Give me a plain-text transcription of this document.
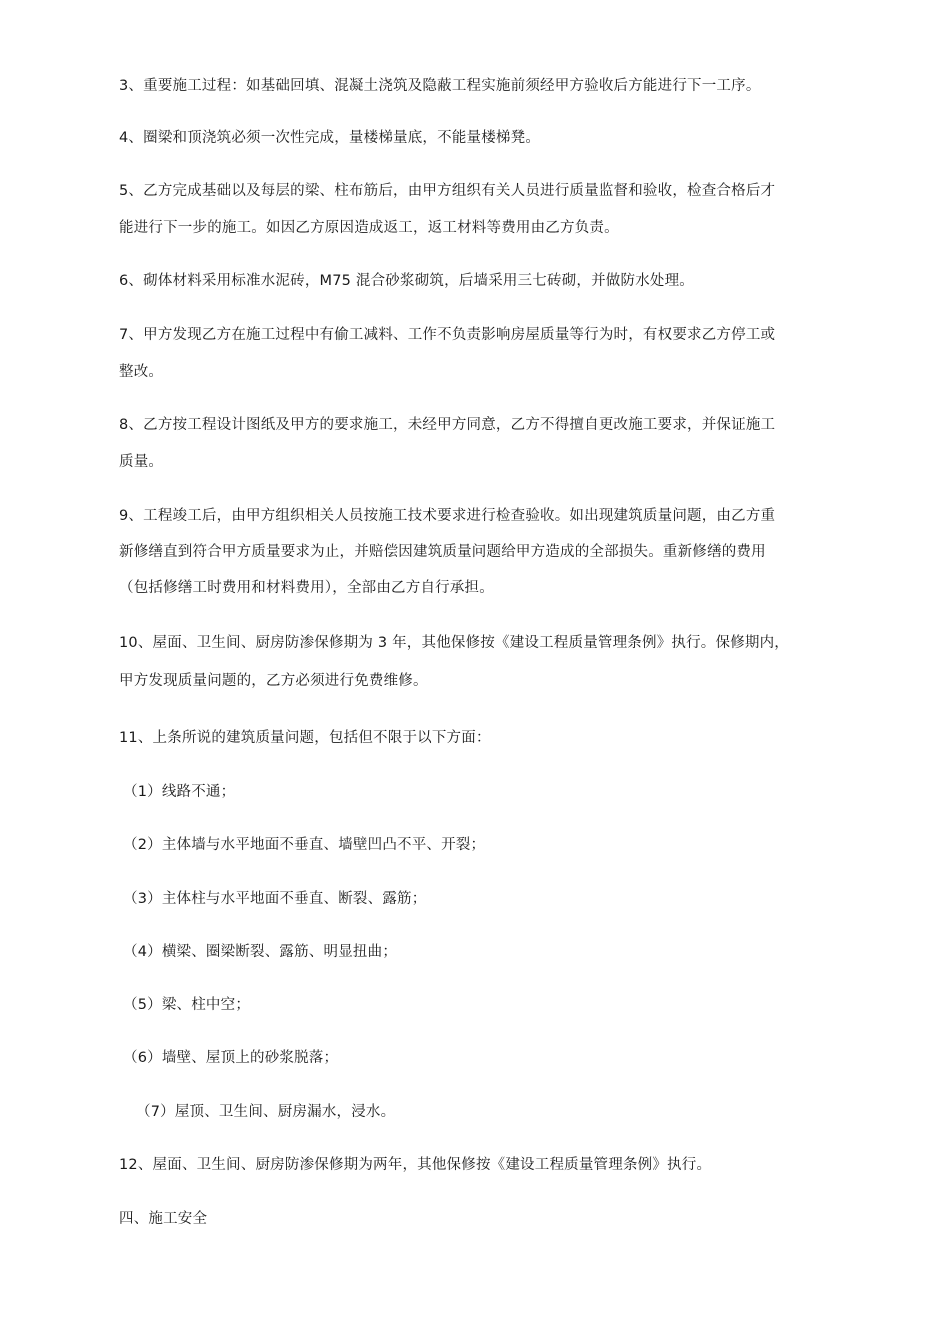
3、重要施工过程：如基础回填、混凝土浇筑及隐蔽工程实施前须经甲方验收后方能进行下一工序。
4、圈梁和顶浇筑必须一次性完成，量楼梯量底，不能量楼梯凳。
5、乙方完成基础以及每层的梁、柱布筋后，由甲方组织有关人员进行质量监督和验收，检查合格后才
能进行下一步的施工。如因乙方原因造成返工，返工材料等费用由乙方负责。
6、砌体材料采用标准水泥砖，M75 混合砂浆砌筑，后墙采用三七砖砌，并做防水处理。
7、甲方发现乙方在施工过程中有偷工减料、工作不负责影响房屋质量等行为时，有权要求乙方停工或
整改。
8、乙方按工程设计图纸及甲方的要求施工，未经甲方同意，乙方不得擅自更改施工要求，并保证施工
质量。
9、工程竣工后，由甲方组织相关人员按施工技术要求进行检查验收。如出现建筑质量问题，由乙方重
新修缮直到符合甲方质量要求为止，并赔偿因建筑质量问题给甲方造成的全部损失。重新修缮的费用
（包括修缮工时费用和材料费用），全部由乙方自行承担。
10、屋面、卫生间、厨房防渗保修期为 3 年，其他保修按《建设工程质量管理条例》执行。保修期内，
甲方发现质量问题的，乙方必须进行免费维修。
11、上条所说的建筑质量问题，包括但不限于以下方面：
（1）线路不通；
（2）主体墙与水平地面不垂直、墙壁凹凸不平、开裂；
（3）主体柱与水平地面不垂直、断裂、露筋；
（4）横梁、圈梁断裂、露筋、明显扭曲；
（5）梁、柱中空；
（6）墙壁、屋顶上的砂浆脱落；
（7）屋顶、卫生间、厨房漏水，浸水。
12、屋面、卫生间、厨房防渗保修期为两年，其他保修按《建设工程质量管理条例》执行。
四、施工安全
